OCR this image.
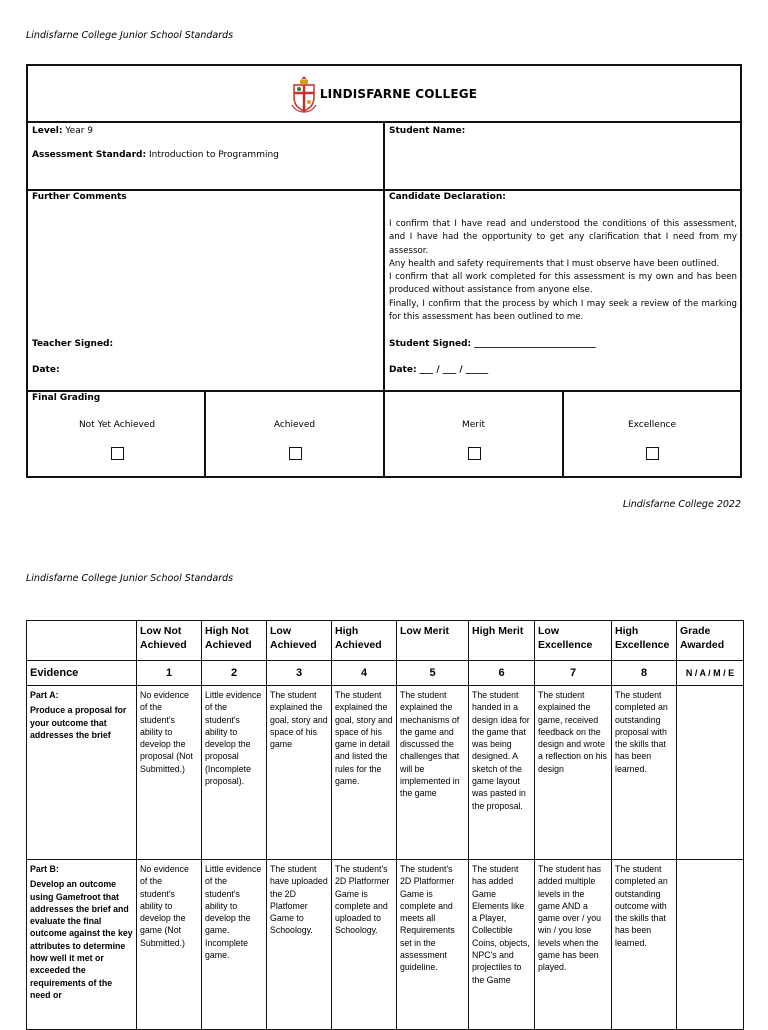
Lindisfarne College Junior School Standards
LINDISFARNE COLLEGE
Level: Year 9
Assessment Standard: Introduction to Programming
Student Name:
Further Comments
Teacher Signed:
Date:
Candidate Declaration:
I confirm that I have read and understood the conditions of this assessment, and I have had the opportunity to get any clarification that I need from my assessor.
Any health and safety requirements that I must observe have been outlined.
I confirm that all work completed for this assessment is my own and has been produced without assistance from anyone else.
Finally, I confirm that the process by which I may seek a review of the marking for this assessment has been outlined to me.
Student Signed: ___________________________
Date: ___ / ___ / _____
Final Grading
Not Yet Achieved	Achieved	Merit	Excellence
Lindisfarne College 2022
Lindisfarne College Junior School Standards
	Low Not Achieved	High Not Achieved	Low Achieved	High Achieved	Low Merit	High Merit	Low Excellence	High Excellence	Grade Awarded
Evidence	1	2	3	4	5	6	7	8	N / A / M / E

Part A:
Produce a proposal for your outcome that addresses the brief	No evidence of the student's ability to develop the proposal (Not Submitted.)	Little evidence of the student's ability to develop the proposal (Incomplete proposal).	The student explained the goal, story and space of his game	The student explained the goal, story and space of his game in detail and listed the rules for the game.	The student explained the mechanisms of the game and discussed the challenges that will be implemented in the game	The student handed in a design idea for the game that was being designed. A sketch of the game layout was pasted in the proposal.	The student explained the game, received feedback on the design and wrote a reflection on his design	The student completed an outstanding proposal with the skills that has been learned.	

Part B:
Develop an outcome using Gamefroot that addresses the brief and evaluate the final outcome against the key attributes to determine how well it met or exceeded the requirements of the need or	No evidence of the student's ability to develop the game (Not Submitted.)	Little evidence of the student's ability to develop the game. Incomplete game.	The student have uploaded the 2D Platfomer Game to Schoology.	The student's 2D Platformer Game is complete and uploaded to Schoology.	The student's 2D Platformer Game is complete and meets all Requirements set in the assessment guideline.	The student has added Game Elements like a Player, Collectible Coins, objects, NPC's and projectiles to the Game	The student has added multiple levels in the game AND a game over / you win / you lose levels when the game has been played.	The student completed an outstanding outcome with the skills that has been learned.	
